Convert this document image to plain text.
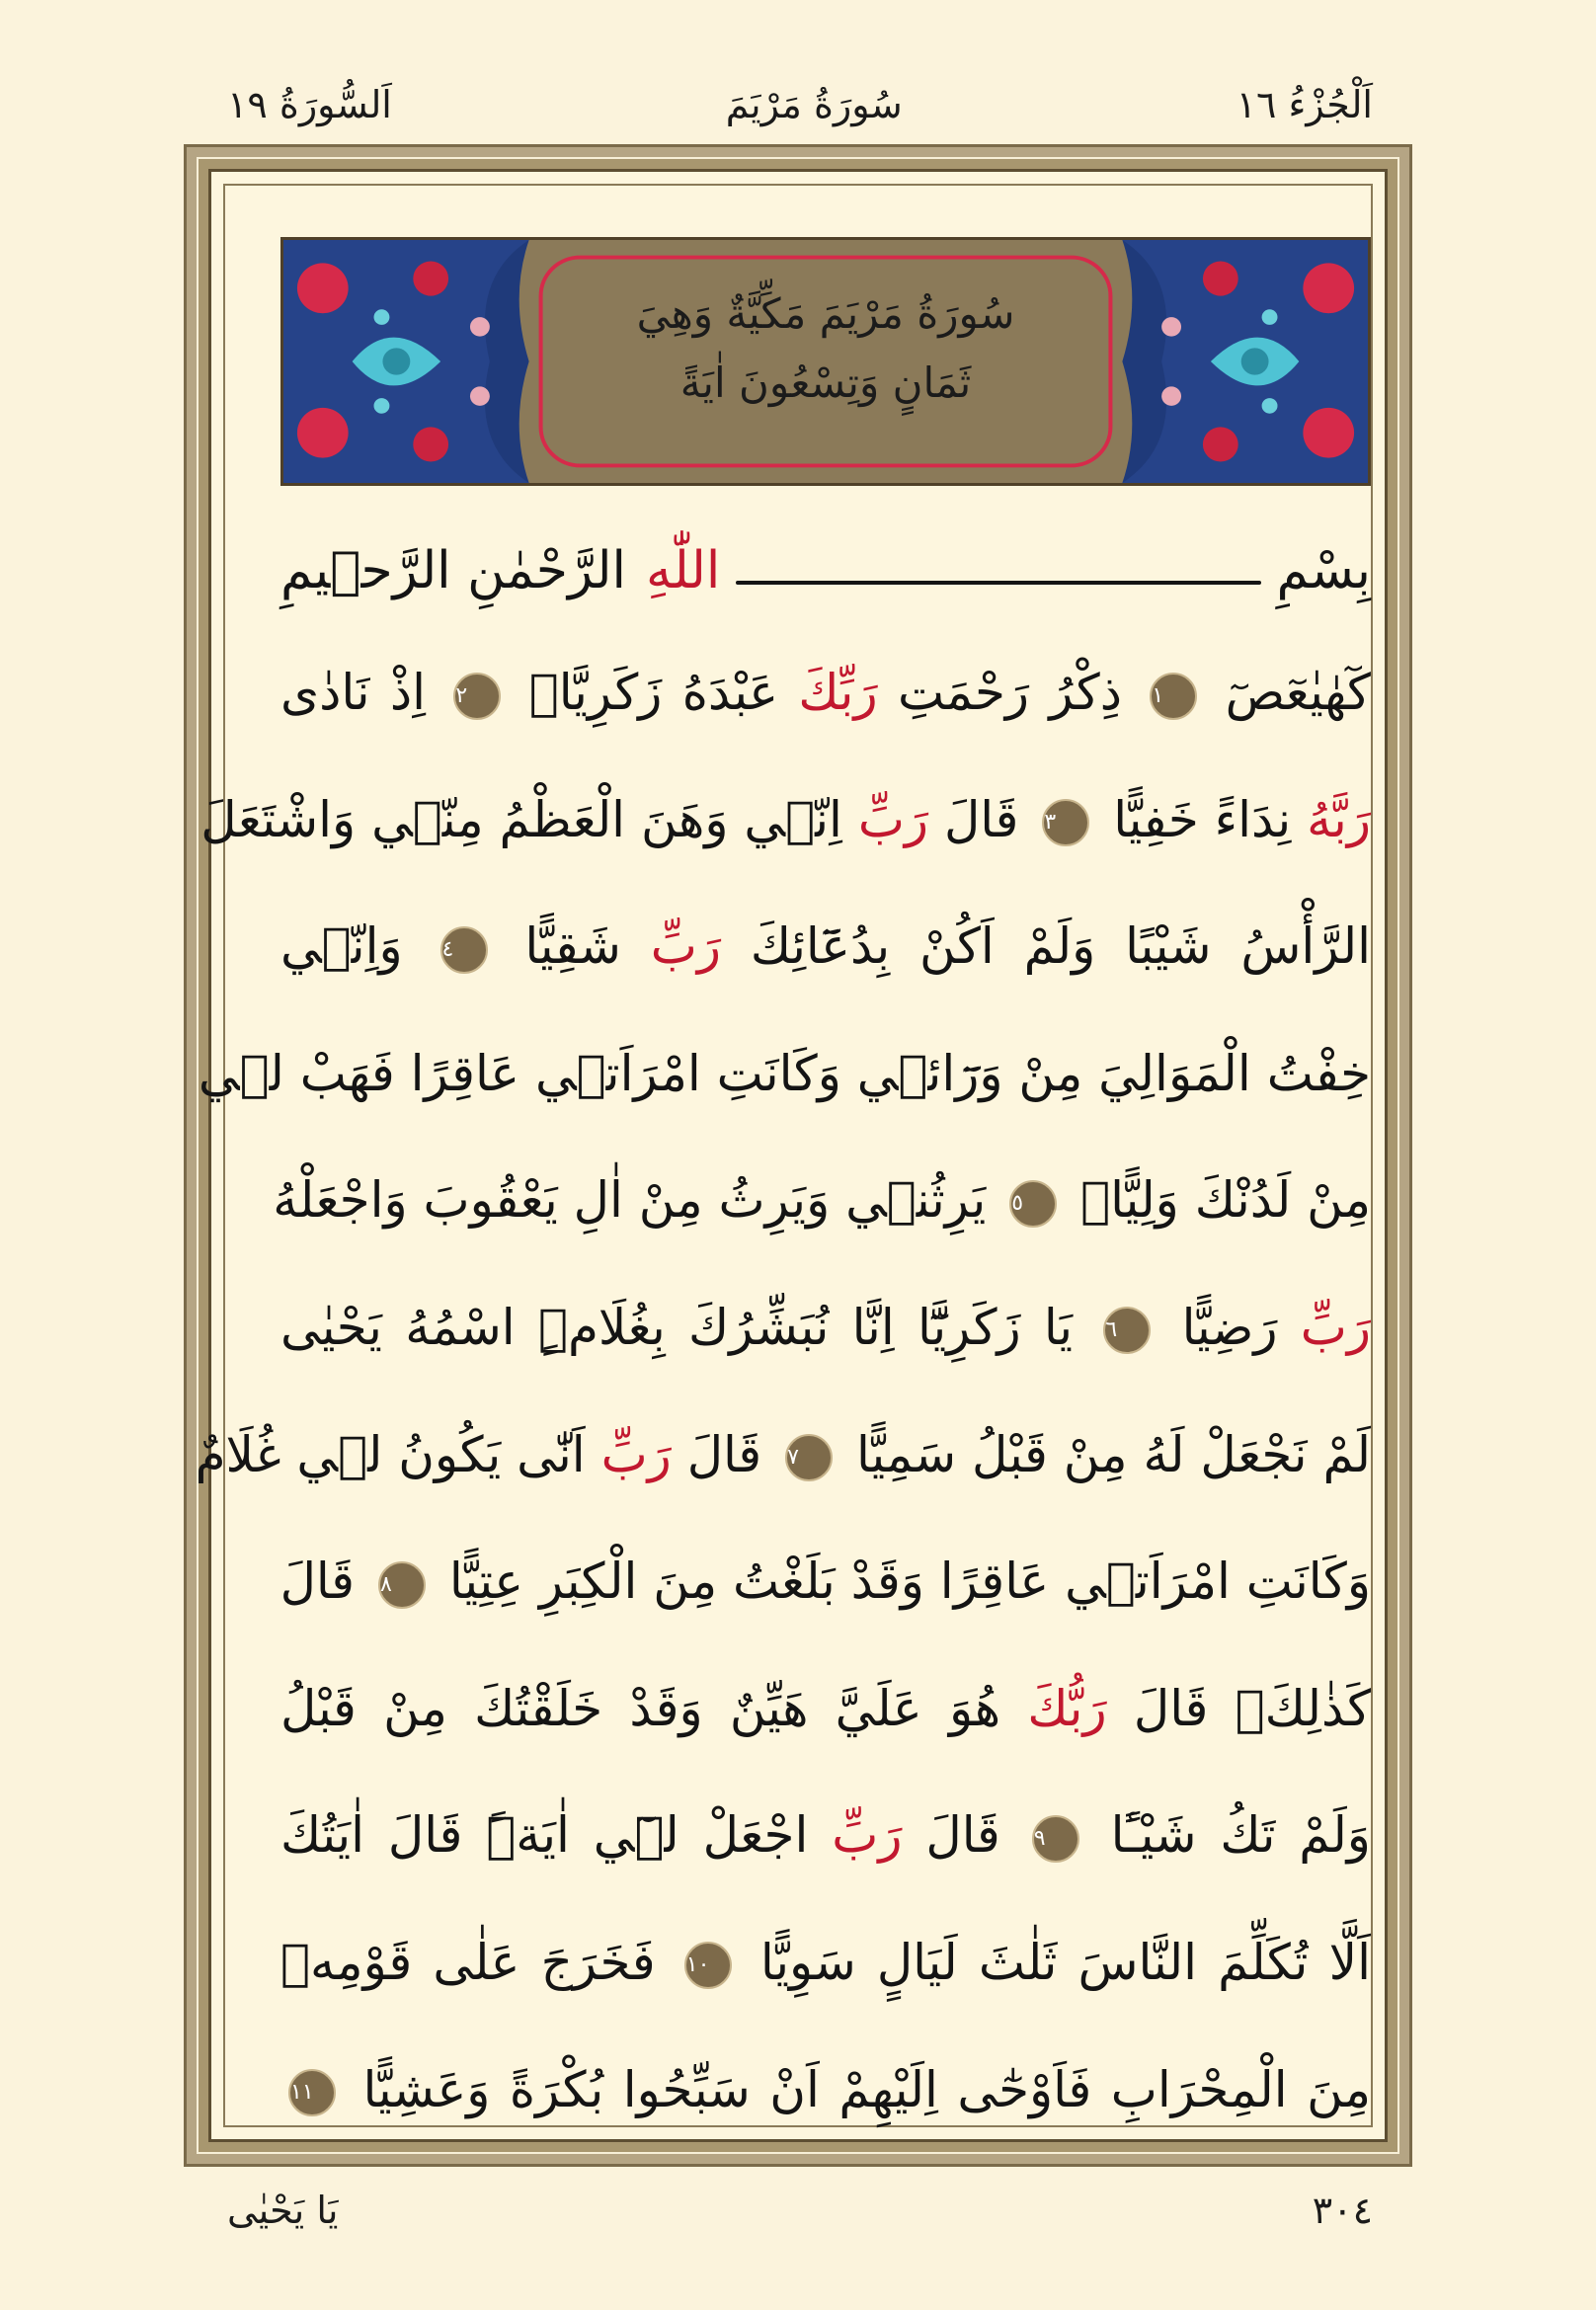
اَلسُّورَةُ ١٩	سُورَةُ مَرْيَمَ	اَلْجُزْءُ ١٦
سُورَةُ مَرْيَمَ مَكِّيَّةٌ وَهِيَ
ثَمَانٍ وَتِسْعُونَ اٰيَةً
بِسْمِ
اللّٰهِ
الرَّحْمٰنِ الرَّح۪يمِ
كٓهٰيٰعٓصٓ ١ ذِكْرُ رَحْمَتِ رَبِّكَ عَبْدَهُ زَكَرِيَّاۚ ٢ اِذْ نَادٰى
رَبَّهُ نِدَاءً خَفِيًّا ٣ قَالَ رَبِّ اِنّ۪ي وَهَنَ الْعَظْمُ مِنّ۪ي وَاشْتَعَلَ
الرَّأْسُ شَيْبًا وَلَمْ اَكُنْ بِدُعَٓائِكَ رَبِّ شَقِيًّا ٤ وَاِنّ۪ي
خِفْتُ الْمَوَالِيَ مِنْ وَرَٓائ۪ي وَكَانَتِ امْرَاَت۪ي عَاقِرًا فَهَبْ ل۪ي
مِنْ لَدُنْكَ وَلِيًّاۙ ٥ يَرِثُن۪ي وَيَرِثُ مِنْ اٰلِ يَعْقُوبَ وَاجْعَلْهُ
رَبِّ رَضِيًّا ٦ يَا زَكَرِيَّٓا اِنَّا نُبَشِّرُكَ بِغُلَامٍۨ اسْمُهُ يَحْيٰى
لَمْ نَجْعَلْ لَهُ مِنْ قَبْلُ سَمِيًّا ٧ قَالَ رَبِّ اَنّٰى يَكُونُ ل۪ي غُلَامٌ
وَكَانَتِ امْرَاَت۪ي عَاقِرًا وَقَدْ بَلَغْتُ مِنَ الْكِبَرِ عِتِيًّا ٨ قَالَ
كَذٰلِكَۚ قَالَ رَبُّكَ هُوَ عَلَيَّ هَيِّنٌ وَقَدْ خَلَقْتُكَ مِنْ قَبْلُ
وَلَمْ تَكُ شَيْـًٔا ٩ قَالَ رَبِّ اجْعَلْ ل۪ٓي اٰيَةًۜ قَالَ اٰيَتُكَ
اَلَّا تُكَلِّمَ النَّاسَ ثَلٰثَ لَيَالٍ سَوِيًّا ١٠ فَخَرَجَ عَلٰى قَوْمِه۪
مِنَ الْمِحْرَابِ فَاَوْحٰٓى اِلَيْهِمْ اَنْ سَبِّحُوا بُكْرَةً وَعَشِيًّا ١١
يَا يَحْيٰى	٣٠٤
